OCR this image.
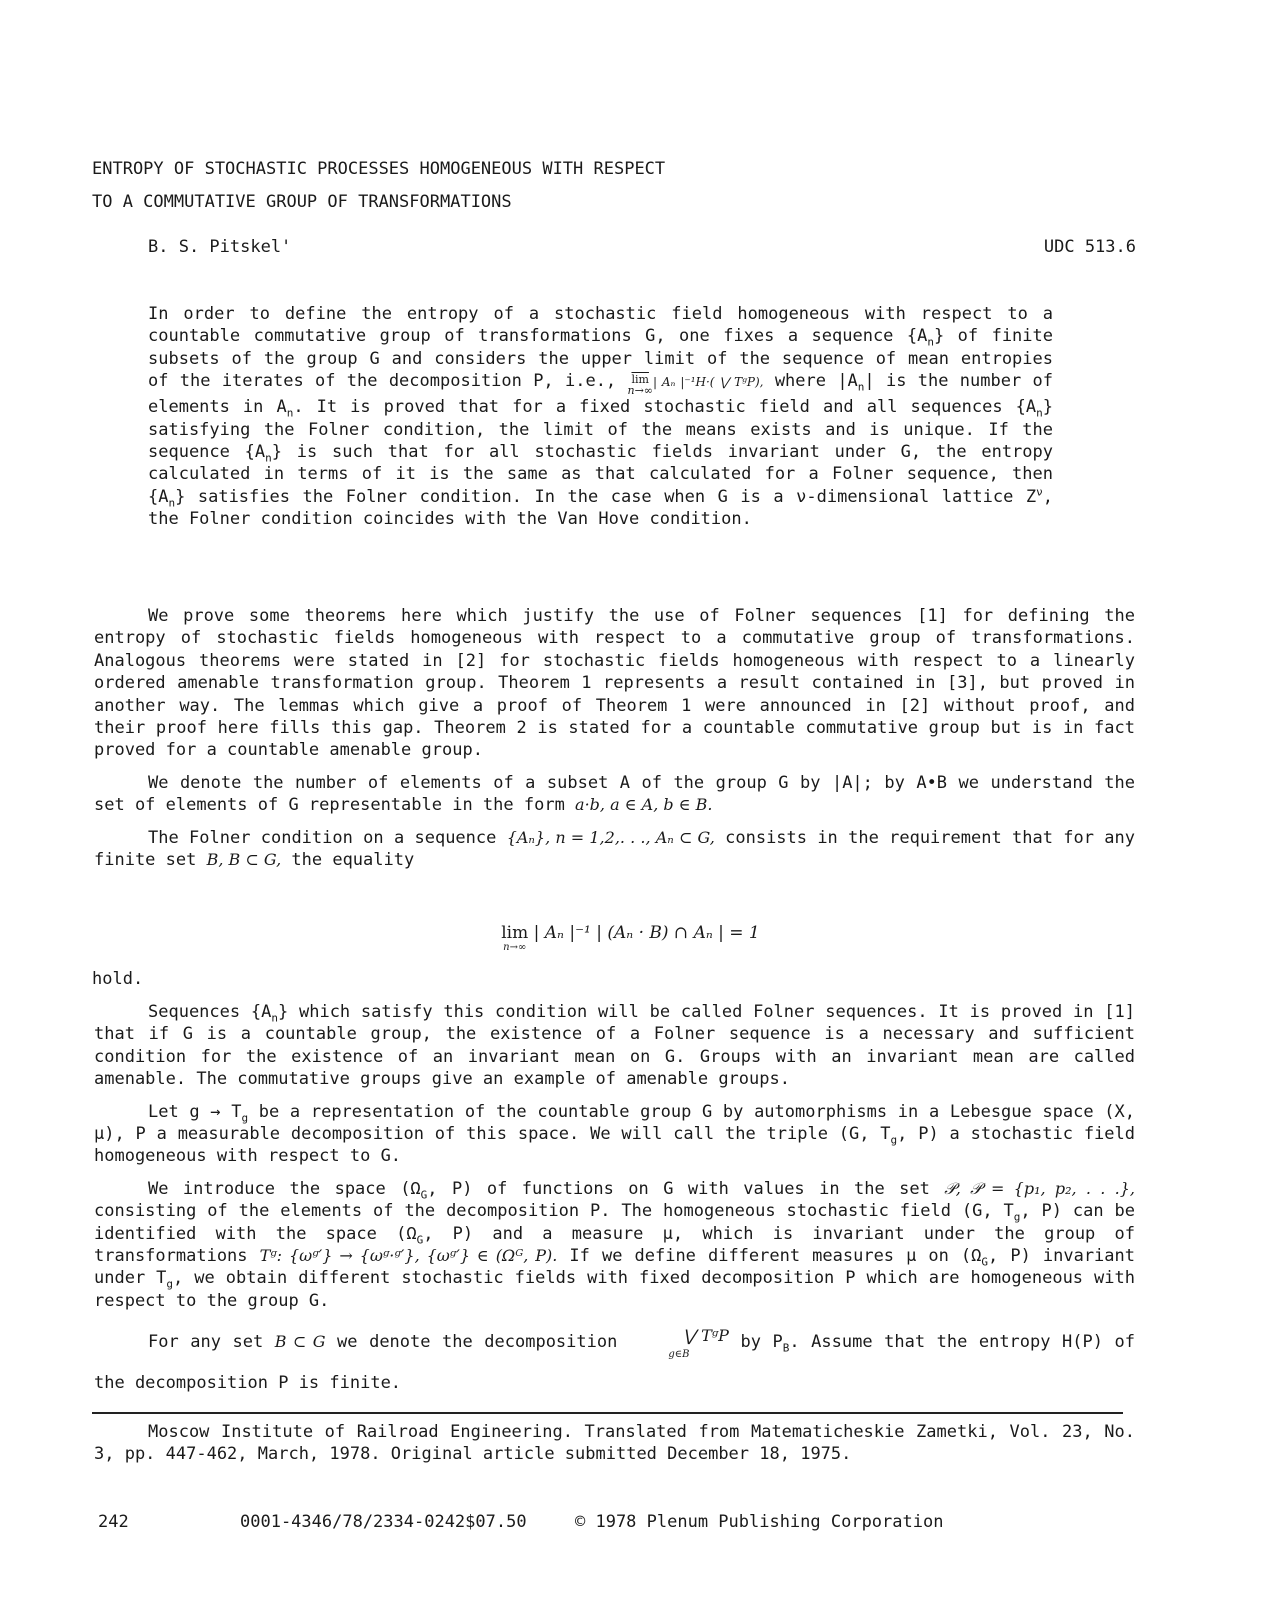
ENTROPY OF STOCHASTIC PROCESSES HOMOGENEOUS WITH RESPECT
TO A COMMUTATIVE GROUP OF TRANSFORMATIONS
B. S. Pitskel'	UDC 513.6
In order to define the entropy of a stochastic field homogeneous with respect to a countable commutative group of transformations G, one fixes a sequence $\{A_n\}$ of finite subsets of the group G and considers the upper limit of the sequence of mean entropies of the iterates of the decomposition P, i.e., $\overline{lim}$
n→∞| Aₙ |⁻¹H·( ⋁ TᵍP), where $|A_n|$ is the number of elements in $A_n$. It is proved that for a fixed stochastic field and all sequences $\{A_n\}$ satisfying the Folner condition, the limit of the means exists and is unique. If the sequence $\{A_n\}$ is such that for all stochastic fields invariant under G, the entropy calculated in terms of it is the same as that calculated for a Folner sequence, then $\{A_n\}$ satisfies the Folner condition. In the case when G is a ν-dimensional lattice $Z^\nu$, the Folner condition coincides with the Van Hove condition.

We prove some theorems here which justify the use of Folner sequences [1] for defining the entropy of stochastic fields homogeneous with respect to a commutative group of transformations. Analogous theorems were stated in [2] for stochastic fields homogeneous with respect to a linearly ordered amenable transformation group. Theorem 1 represents a result contained in [3], but proved in another way. The lemmas which give a proof of Theorem 1 were announced in [2] without proof, and their proof here fills this gap. Theorem 2 is stated for a countable commutative group but is in fact proved for a countable amenable group.

We denote the number of elements of a subset A of the group G by |A|; by A•B we understand the set of elements of G representable in the form a·b, a ∈ A, b ∈ B.

The Folner condition on a sequence {Aₙ}, n = 1,2,. . ., Aₙ ⊂ G, consists in the requirement that for any finite set B, B ⊂ G, the equality

lim
n→∞
| Aₙ |⁻¹ | (Aₙ · B) ∩ Aₙ | = 1
hold.

Sequences $\{A_n\}$ which satisfy this condition will be called Folner sequences. It is proved in [1] that if G is a countable group, the existence of a Folner sequence is a necessary and sufficient condition for the existence of an invariant mean on G. Groups with an invariant mean are called amenable. The commutative groups give an example of amenable groups.

Let $g \to T_g$ be a representation of the countable group G by automorphisms in a Lebesgue space (X, μ), P a measurable decomposition of this space. We will call the triple (G, $T_g$, P) a stochastic field homogeneous with respect to G.

We introduce the space ($\Omega_G$, P) of functions on G with values in the set 𝒫, 𝒫 = {p₁, p₂, . . .}, consisting of the elements of the decomposition P. The homogeneous stochastic field (G, $T_g$, P) can be identified with the space ($\Omega_G$, P) and a measure μ, which is invariant under the group of transformations Tᵍ: {ωᵍ′} → {ωᵍ·ᵍ′}, {ωᵍ′} ∈ (Ωᴳ, P). If we define different measures μ on ($\Omega_G$, P) invariant under $T_g$, we obtain different stochastic fields with fixed decomposition P which are homogeneous with respect to the group G.

For any set B ⊂ G we denote the decomposition	⋁ TᵍP
g∈B by $P_B$. Assume that the entropy H(P) of the decomposition P is finite.

Moscow Institute of Railroad Engineering. Translated from Matematicheskie Zametki, Vol. 23, No. 3, pp. 447-462, March, 1978. Original article submitted December 18, 1975.
242	0001-4346/78/2334-0242$07.50	© 1978 Plenum Publishing Corporation
